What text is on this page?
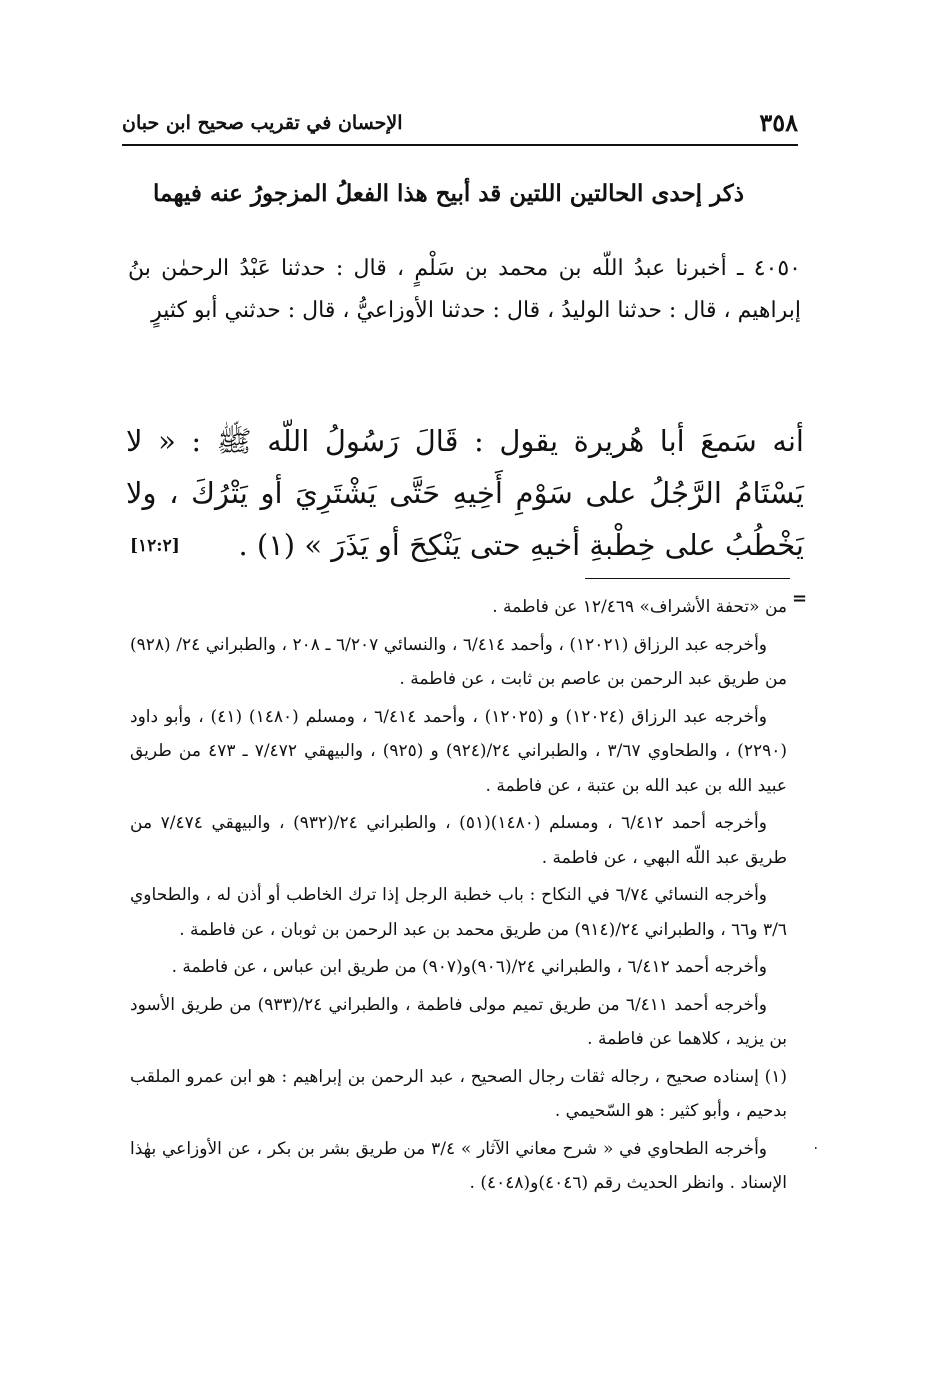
٣٥٨
الإحسان في تقريب صحيح ابن حبان
ذكر إحدى الحالتين اللتين قد أبيح هذا الفعلُ المزجورُ عنه فيهما
٤٠٥٠ ـ أخبرنا عبدُ اللّه بن محمد بن سَلْمٍ ، قال : حدثنا عَبْدُ الرحمٰن بنُ إبراهيم ، قال : حدثنا الوليدُ ، قال : حدثنا الأوزاعيُّ ، قال : حدثني أبو كثيرٍ
أنه سَمعَ أبا هُريرة يقول : قَالَ رَسُولُ اللّه ﷺ : « لا يَسْتَامُ الرَّجُلُ على سَوْمِ أَخِيهِ حَتَّى يَشْتَرِيَ أو يَتْرُكَ ، ولا يَخْطُبُ على خِطْبةِ أخيهِ حتى يَنْكِحَ أو يَذَرَ » (١) .
[١٢:٢]
=
٠

من «تحفة الأشراف» ١٢/٤٦٩ عن فاطمة .

وأخرجه عبد الرزاق (١٢٠٢١) ، وأحمد ٦/٤١٤ ، والنسائي ٦/٢٠٧ ـ ٢٠٨ ، والطبراني ٢٤/ (٩٢٨) من طريق عبد الرحمن بن عاصم بن ثابت ، عن فاطمة .

وأخرجه عبد الرزاق (١٢٠٢٤) و (١٢٠٢٥) ، وأحمد ٦/٤١٤ ، ومسلم (١٤٨٠) (٤١) ، وأبو داود (٢٢٩٠) ، والطحاوي ٣/٦٧ ، والطبراني ٢٤/(٩٢٤) و (٩٢٥) ، والبيهقي ٧/٤٧٢ ـ ٤٧٣ من طريق عبيد الله بن عبد الله بن عتبة ، عن فاطمة .

وأخرجه أحمد ٦/٤١٢ ، ومسلم (١٤٨٠)(٥١) ، والطبراني ٢٤/(٩٣٢) ، والبيهقي ٧/٤٧٤ من طريق عبد اللّه البهي ، عن فاطمة .

وأخرجه النسائي ٦/٧٤ في النكاح : باب خطبة الرجل إذا ترك الخاطب أو أذن له ، والطحاوي ٣/٦ و٦٦ ، والطبراني ٢٤/(٩١٤) من طريق محمد بن عبد الرحمن بن ثوبان ، عن فاطمة .

وأخرجه أحمد ٦/٤١٢ ، والطبراني ٢٤/(٩٠٦)و(٩٠٧) من طريق ابن عباس ، عن فاطمة .

وأخرجه أحمد ٦/٤١١ من طريق تميم مولى فاطمة ، والطبراني ٢٤/(٩٣٣) من طريق الأسود بن يزيد ، كلاهما عن فاطمة .

(١) إسناده صحيح ، رجاله ثقات رجال الصحيح ، عبد الرحمن بن إبراهيم : هو ابن عمرو الملقب بدحيم ، وأبو كثير : هو السّحيمي .

وأخرجه الطحاوي في « شرح معاني الآثار » ٣/٤ من طريق بشر بن بكر ، عن الأوزاعي بهٰذا الإسناد . وانظر الحديث رقم (٤٠٤٦)و(٤٠٤٨) .
